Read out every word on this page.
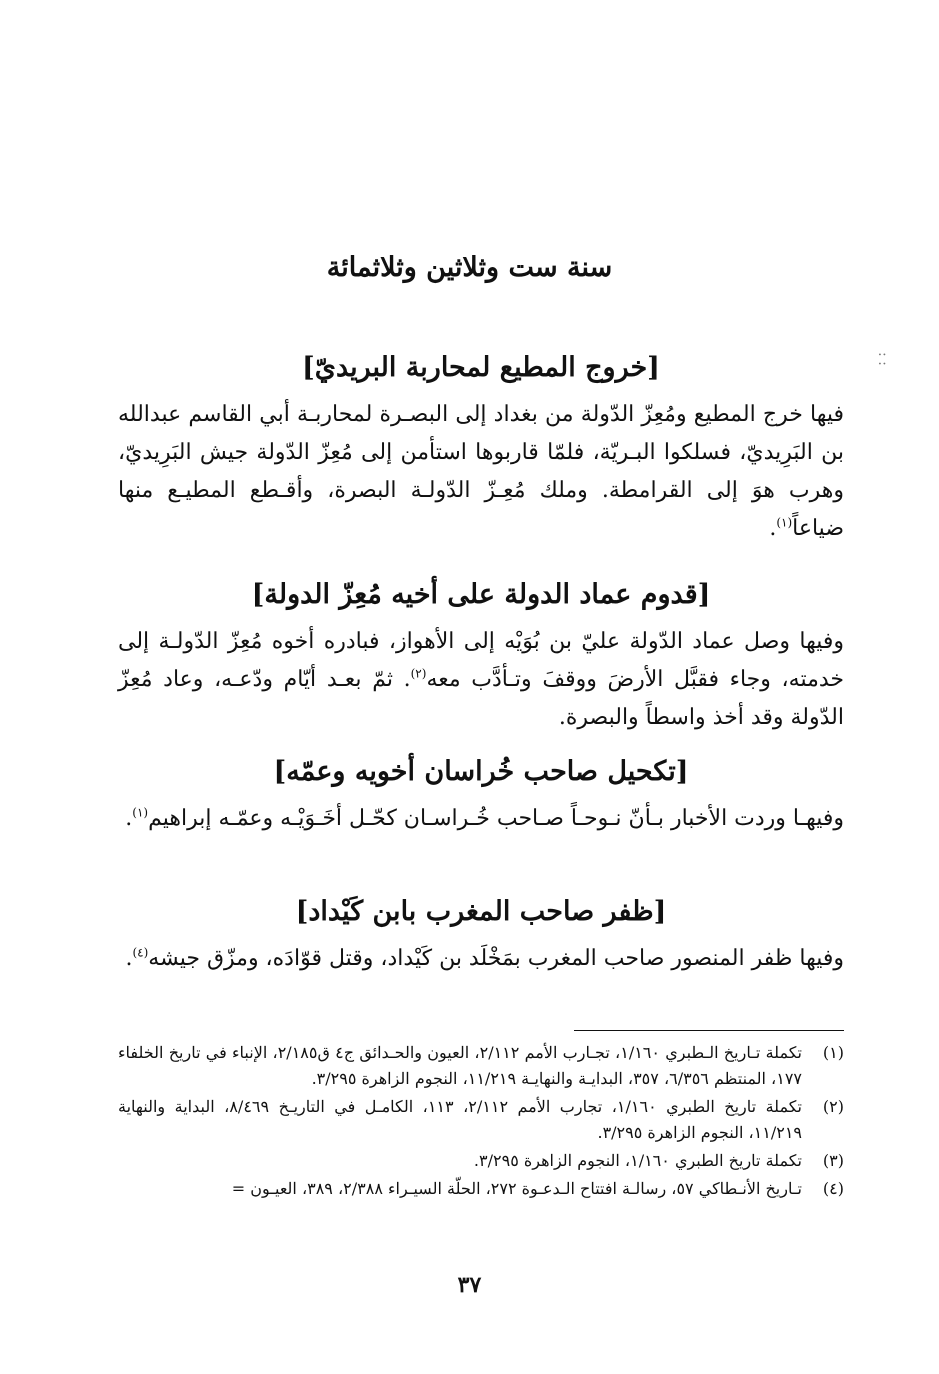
سنة ست وثلاثين وثلاثمائة
: :
[خروج المطيع لمحاربة البريديّ]

فيها خرج المطيع ومُعِزّ الدّولة من بغداد إلى البصـرة لمحاربـة أبي القاسم عبدالله بن البَرِيديّ، فسلكوا البـريّة، فلمّا قاربوها استأمن إلى مُعِزّ الدّولة جيش البَرِيديّ، وهرب هوَ إلى القرامطة. وملك مُعِـزّ الدّولـة البصرة، وأقـطع المطيـع منها ضياعاً$^{(١)}$.

[قدوم عماد الدولة على أخيه مُعِزّ الدولة]

وفيها وصل عماد الدّولة عليّ بن بُوَيْه إلى الأهواز، فبادره أخوه مُعِزّ الدّولـة إلى خدمته، وجاء فقبَّل الأرضَ ووقفَ وتـأدَّب معه$^{(٢)}$. ثمّ بعـد أيّام ودّعـه، وعاد مُعِزّ الدّولة وقد أخذ واسطاً والبصرة.

[تكحيل صاحب خُراسان أخويه وعمّه]

وفيهـا وردت الأخبار بـأنّ نـوحـاً صـاحب خُـراسـان كحّـل أخَـوَيْـه وعمّـه إبراهيم$^{(١)}$.

[ظفر صاحب المغرب بابن كَيْداد]

وفيها ظفر المنصور صاحب المغرب بمَخْلَد بن كَيْداد، وقتل قوّادَه، ومزّق جيشه$^{(٤)}$.

(١)
تكملة تـاريخ الـطبري ١/١٦٠، تجـارب الأمم ٢/١١٢، العيون والحـدائق ج٤ ق٢/١٨٥، الإنباء في تاريخ الخلفاء ١٧٧، المنتظم ٦/٣٥٦، ٣٥٧، البدايـة والنهايـة ١١/٢١٩، النجوم الزاهرة ٣/٢٩٥.
(٢)
تكملة تاريخ الطبري ١/١٦٠، تجارب الأمم ٢/١١٢، ١١٣، الكامـل في التاريـخ ٨/٤٦٩، البداية والنهاية ١١/٢١٩، النجوم الزاهرة ٣/٢٩٥.
(٣)
تكملة تاريخ الطبري ١/١٦٠، النجوم الزاهرة ٣/٢٩٥.
(٤)
تـاريخ الأنـطاكي ٥٧، رسالـة افتتاح الـدعـوة ٢٧٢، الحلّة السيـراء ٢/٣٨٨، ٣٨٩، العيـون =
٣٧
